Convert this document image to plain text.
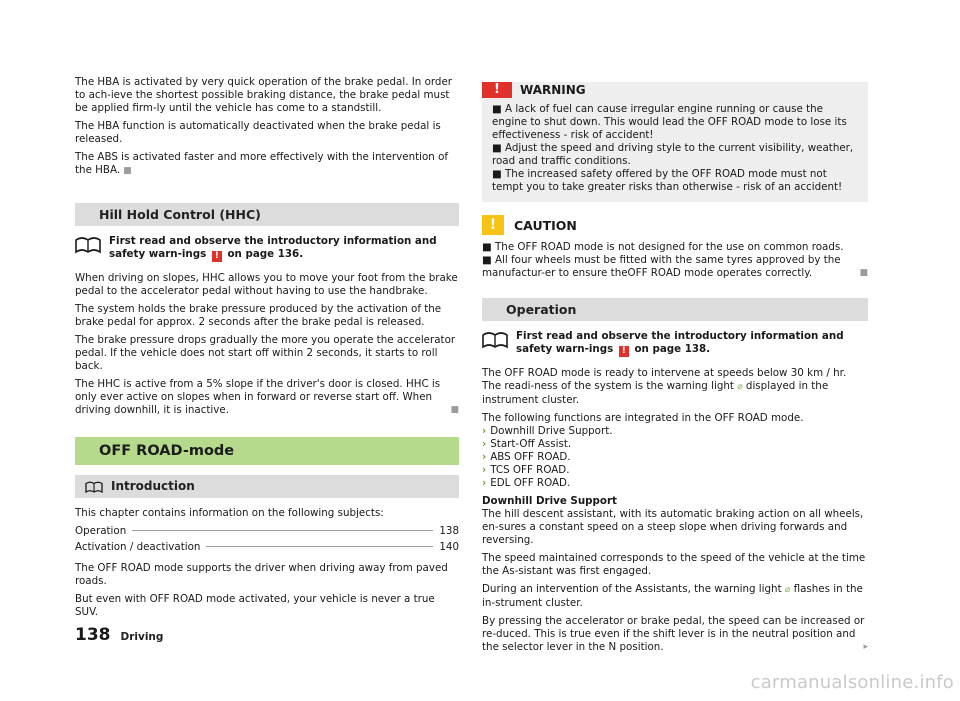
The HBA is activated by very quick operation of the brake pedal. In order to ach-ieve the shortest possible braking distance, the brake pedal must be applied firm-ly until the vehicle has come to a standstill.

The HBA function is automatically deactivated when the brake pedal is released.

The ABS is activated faster and more effectively with the intervention of the HBA. ■

Hill Hold Control (HHC)
First read and observe the introductory information and safety warn-ings ! on page 136.

When driving on slopes, HHC allows you to move your foot from the brake pedal to the accelerator pedal without having to use the handbrake.

The system holds the brake pressure produced by the activation of the brake pedal for approx. 2 seconds after the brake pedal is released.

The brake pressure drops gradually the more you operate the accelerator pedal. If the vehicle does not start off within 2 seconds, it starts to roll back.

The HHC is active from a 5% slope if the driver's door is closed. HHC is only ever active on slopes when in forward or reverse start off. When driving downhill, it is inactive.	■

OFF ROAD-mode
Introduction

This chapter contains information on the following subjects:

Operation	138
Activation / deactivation	140

The OFF ROAD mode supports the driver when driving away from paved roads.

But even with OFF ROAD mode activated, your vehicle is never a true SUV.

!	WARNING

■ A lack of fuel can cause irregular engine running or cause the engine to shut down. This would lead the OFF ROAD mode to lose its effectiveness - risk of accident!

■ Adjust the speed and driving style to the current visibility, weather, road and traffic conditions.

■ The increased safety offered by the OFF ROAD mode must not tempt you to take greater risks than otherwise - risk of an accident!

!	CAUTION

■ The OFF ROAD mode is not designed for the use on common roads.

■ All four wheels must be fitted with the same tyres approved by the manufactur-er to ensure theOFF ROAD mode operates correctly.	■

Operation
First read and observe the introductory information and safety warn-ings ! on page 138.

The OFF ROAD mode is ready to intervene at speeds below 30 km / hr. The readi-ness of the system is the warning light ⌀ displayed in the instrument cluster.

The following functions are integrated in the OFF ROAD mode.

› Downhill Drive Support.

› Start-Off Assist.

› ABS OFF ROAD.

› TCS OFF ROAD.

› EDL OFF ROAD.

Downhill Drive Support

The hill descent assistant, with its automatic braking action on all wheels, en-sures a constant speed on a steep slope when driving forwards and reversing.

The speed maintained corresponds to the speed of the vehicle at the time the As-sistant was first engaged.

During an intervention of the Assistants, the warning light ⌀ flashes in the in-strument cluster.

By pressing the accelerator or brake pedal, the speed can be increased or re-duced. This is true even if the shift lever is in the neutral position and the selector lever in the N position.	▸

138 Driving
carmanualsonline.info
